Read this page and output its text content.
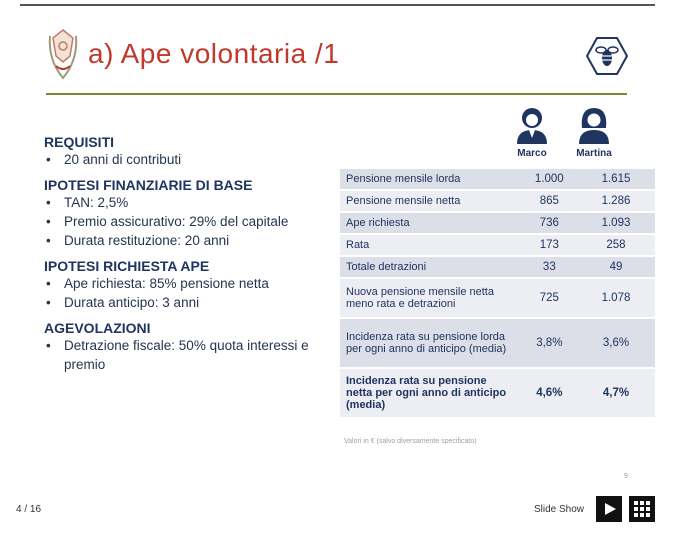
a) Ape volontaria /1
REQUISITI
• 20 anni di contributi
IPOTESI FINANZIARIE DI BASE
• TAN: 2,5%
• Premio assicurativo: 29% del capitale
• Durata restituzione: 20 anni
IPOTESI RICHIESTA APE
• Ape richiesta: 85% pensione netta
• Durata anticipo: 3 anni
AGEVOLAZIONI
• Detrazione fiscale: 50% quota interessi e premio
Marco	Martina
Pensione mensile lorda	1.000	1.615
Pensione mensile netta	865	1.286
Ape richiesta	736	1.093
Rata	173	258
Totale detrazioni	33	49
Nuova pensione mensile netta meno rata e detrazioni	725	1.078
Incidenza rata su pensione lorda per ogni anno di anticipo (media)	3,8%	3,6%
Incidenza rata su pensione netta per ogni anno di anticipo (media)	4,6%	4,7%
Valori in € (salvo diversamente specificato)
9
4 / 16	Slide Show
